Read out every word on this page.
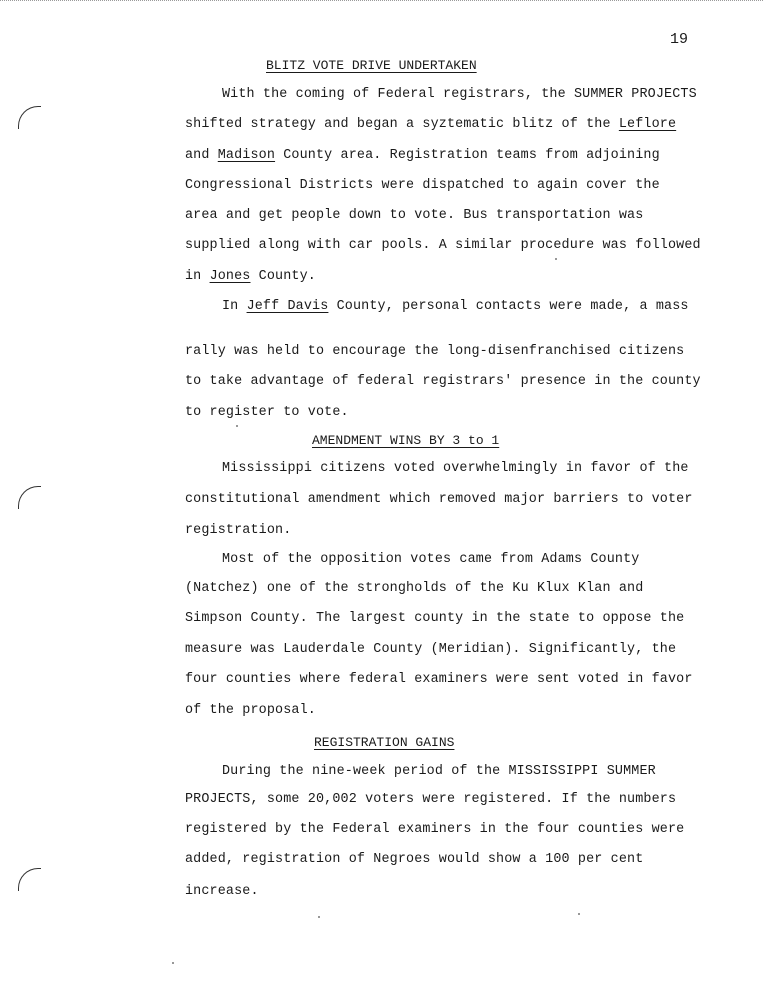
19
BLITZ VOTE DRIVE UNDERTAKEN
With the coming of Federal registrars, the SUMMER PROJECTS
shifted strategy and began a syztematic blitz of the Leflore
and Madison County area. Registration teams from adjoining
Congressional Districts were dispatched to again cover the
area and get people down to vote. Bus transportation was
supplied along with car pools. A similar procedure was followed
in Jones County.
In Jeff Davis County, personal contacts were made, a mass
rally was held to encourage the long-disenfranchised citizens
to take advantage of federal registrars' presence in the county
to register to vote.
AMENDMENT WINS BY 3 to 1
Mississippi citizens voted overwhelmingly in favor of the
constitutional amendment which removed major barriers to voter
registration.
Most of the opposition votes came from Adams County
(Natchez) one of the strongholds of the Ku Klux Klan and
Simpson County. The largest county in the state to oppose the
measure was Lauderdale County (Meridian). Significantly, the
four counties where federal examiners were sent voted in favor
of the proposal.
REGISTRATION GAINS
During the nine-week period of the MISSISSIPPI SUMMER
PROJECTS, some 20,002 voters were registered. If the numbers
registered by the Federal examiners in the four counties were
added, registration of Negroes would show a 100 per cent
increase.
